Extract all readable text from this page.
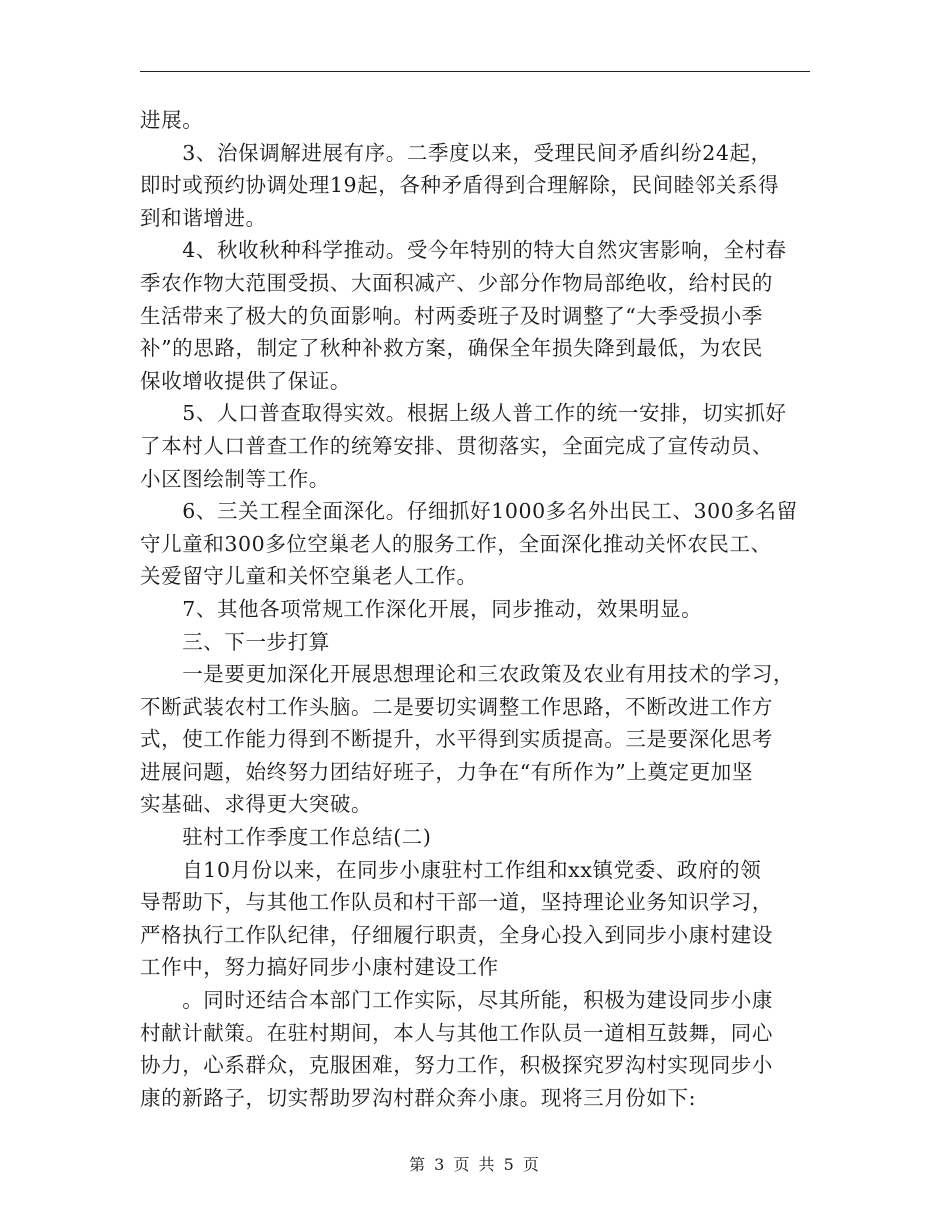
进展。

　　3、治保调解进展有序。二季度以来，受理民间矛盾纠纷24起，

即时或预约协调处理19起，各种矛盾得到合理解除，民间睦邻关系得

到和谐增进。

　　4、秋收秋种科学推动。受今年特别的特大自然灾害影响，全村春

季农作物大范围受损、大面积减产、少部分作物局部绝收，给村民的

生活带来了极大的负面影响。村两委班子及时调整了“大季受损小季

补”的思路，制定了秋种补救方案，确保全年损失降到最低，为农民

保收增收提供了保证。

　　5、人口普查取得实效。根据上级人普工作的统一安排，切实抓好

了本村人口普查工作的统筹安排、贯彻落实，全面完成了宣传动员、

小区图绘制等工作。

　　6、三关工程全面深化。仔细抓好1000多名外出民工、300多名留

守儿童和300多位空巢老人的服务工作，全面深化推动关怀农民工、

关爱留守儿童和关怀空巢老人工作。

　　7、其他各项常规工作深化开展，同步推动，效果明显。

　　三、下一步打算

　　一是要更加深化开展思想理论和三农政策及农业有用技术的学习，

不断武装农村工作头脑。二是要切实调整工作思路，不断改进工作方

式，使工作能力得到不断提升，水平得到实质提高。三是要深化思考

进展问题，始终努力团结好班子，力争在“有所作为”上奠定更加坚

实基础、求得更大突破。

　　驻村工作季度工作总结(二)

　　自10月份以来，在同步小康驻村工作组和xx镇党委、政府的领

导帮助下，与其他工作队员和村干部一道，坚持理论业务知识学习，

严格执行工作队纪律，仔细履行职责，全身心投入到同步小康村建设

工作中，努力搞好同步小康村建设工作

　　。同时还结合本部门工作实际，尽其所能，积极为建设同步小康

村献计献策。在驻村期间，本人与其他工作队员一道相互鼓舞，同心

协力，心系群众，克服困难，努力工作，积极探究罗沟村实现同步小

康的新路子，切实帮助罗沟村群众奔小康。现将三月份如下:

第 3 页 共 5 页
